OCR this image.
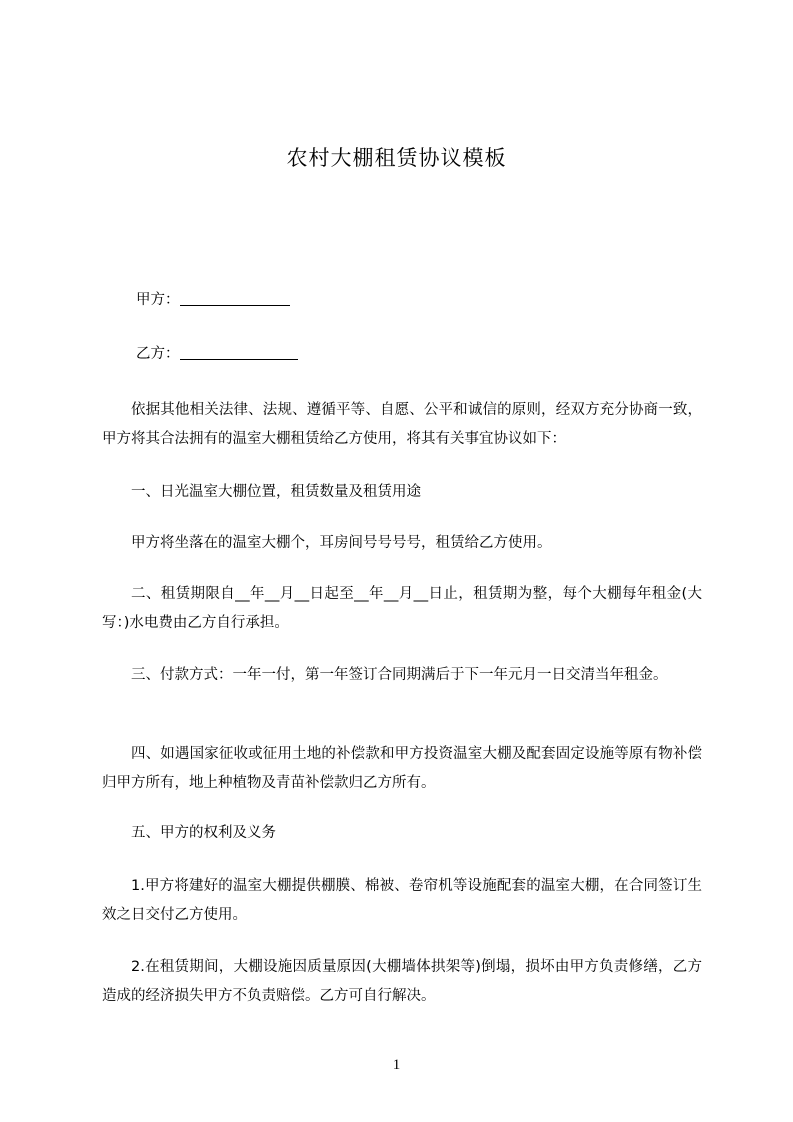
农村大棚租赁协议模板
甲方：
乙方：
依据其他相关法律、法规、遵循平等、自愿、公平和诚信的原则，经双方充分协商一致，甲方将其合法拥有的温室大棚租赁给乙方使用，将其有关事宜协议如下：
一、日光温室大棚位置，租赁数量及租赁用途
甲方将坐落在的温室大棚个，耳房间号号号号，租赁给乙方使用。
二、租赁期限自__年__月__日起至__年__月__日止，租赁期为整，每个大棚每年租金(大写：)水电费由乙方自行承担。
三、付款方式：一年一付，第一年签订合同期满后于下一年元月一日交清当年租金。
四、如遇国家征收或征用土地的补偿款和甲方投资温室大棚及配套固定设施等原有物补偿归甲方所有，地上种植物及青苗补偿款归乙方所有。
五、甲方的权利及义务
1.甲方将建好的温室大棚提供棚膜、棉被、卷帘机等设施配套的温室大棚，在合同签订生效之日交付乙方使用。
2.在租赁期间，大棚设施因质量原因(大棚墙体拱架等)倒塌，损坏由甲方负责修缮，乙方造成的经济损失甲方不负责赔偿。乙方可自行解决。
1
